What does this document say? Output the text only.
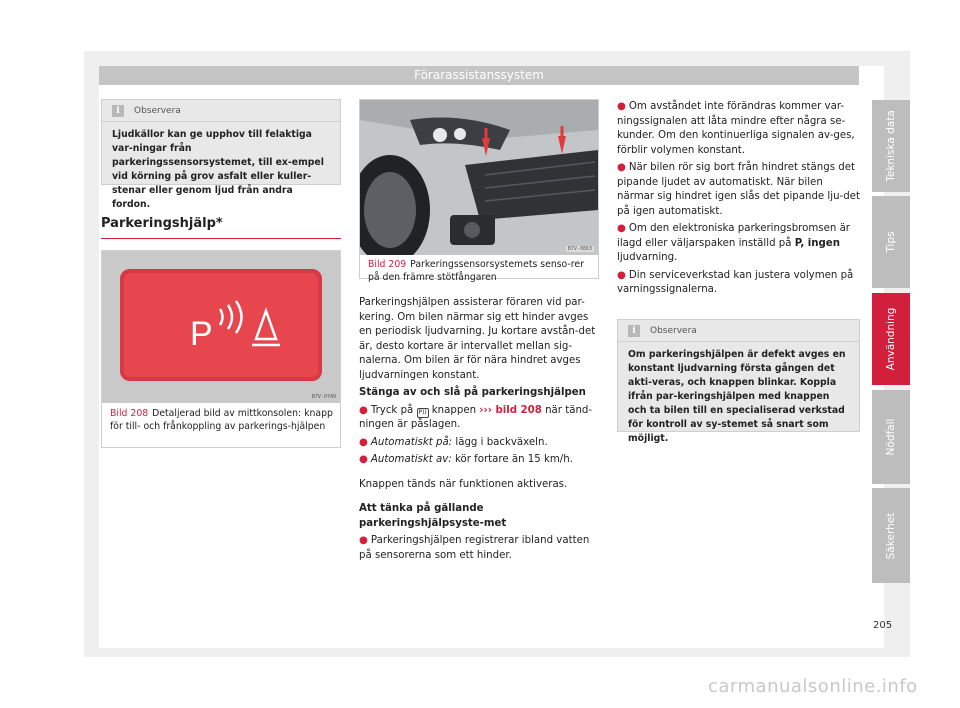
Förarassistanssystem
i	Observera
Ljudkällor kan ge upphov till felaktiga var-ningar från parkeringssensorsystemet, till ex-empel vid körning på grov asfalt eller kuller-stenar eller genom ljud från andra fordon.
Parkeringshjälp*
P
B7V-0749
Bild 208 Detaljerad bild av mittkonsolen: knapp för till- och frånkoppling av parkerings-hjälpen
B7V-0863
Bild 209 Parkeringssensorsystemets senso-rer på den främre stötfångaren

Parkeringshjälpen assisterar föraren vid par-kering. Om bilen närmar sig ett hinder avges en periodisk ljudvarning. Ju kortare avstån-det är, desto kortare är intervallet mellan sig-nalerna. Om bilen är för nära hindret avges ljudvarningen konstant.

Stänga av och slå på parkeringshjälpen

● Tryck på P)) knappen ››› bild 208 när tänd-ningen är påslagen.

● Automatiskt på: lägg i backväxeln.

● Automatiskt av: kör fortare än 15 km/h.

Knappen tänds när funktionen aktiveras.

Att tänka på gällande parkeringshjälpsyste-met

● Parkeringshjälpen registrerar ibland vatten på sensorerna som ett hinder.

● Om avståndet inte förändras kommer var-ningssignalen att låta mindre efter några se-kunder. Om den kontinuerliga signalen av-ges, förblir volymen konstant.

● När bilen rör sig bort från hindret stängs det pipande ljudet av automatiskt. När bilen närmar sig hindret igen slås det pipande lju-det på igen automatiskt.

● Om den elektroniska parkeringsbromsen är ilagd eller väljarspaken inställd på P, ingen ljudvarning.

● Din serviceverkstad kan justera volymen på varningssignalerna.

i	Observera
Om parkeringshjälpen är defekt avges en konstant ljudvarning första gången det akti-veras, och knappen blinkar. Koppla ifrån par-keringshjälpen med knappen och ta bilen till en specialiserad verkstad för kontroll av sy-stemet så snart som möjligt.
Tekniska data
Tips
Användning
Nödfall
Säkerhet
205
carmanualsonline.info
